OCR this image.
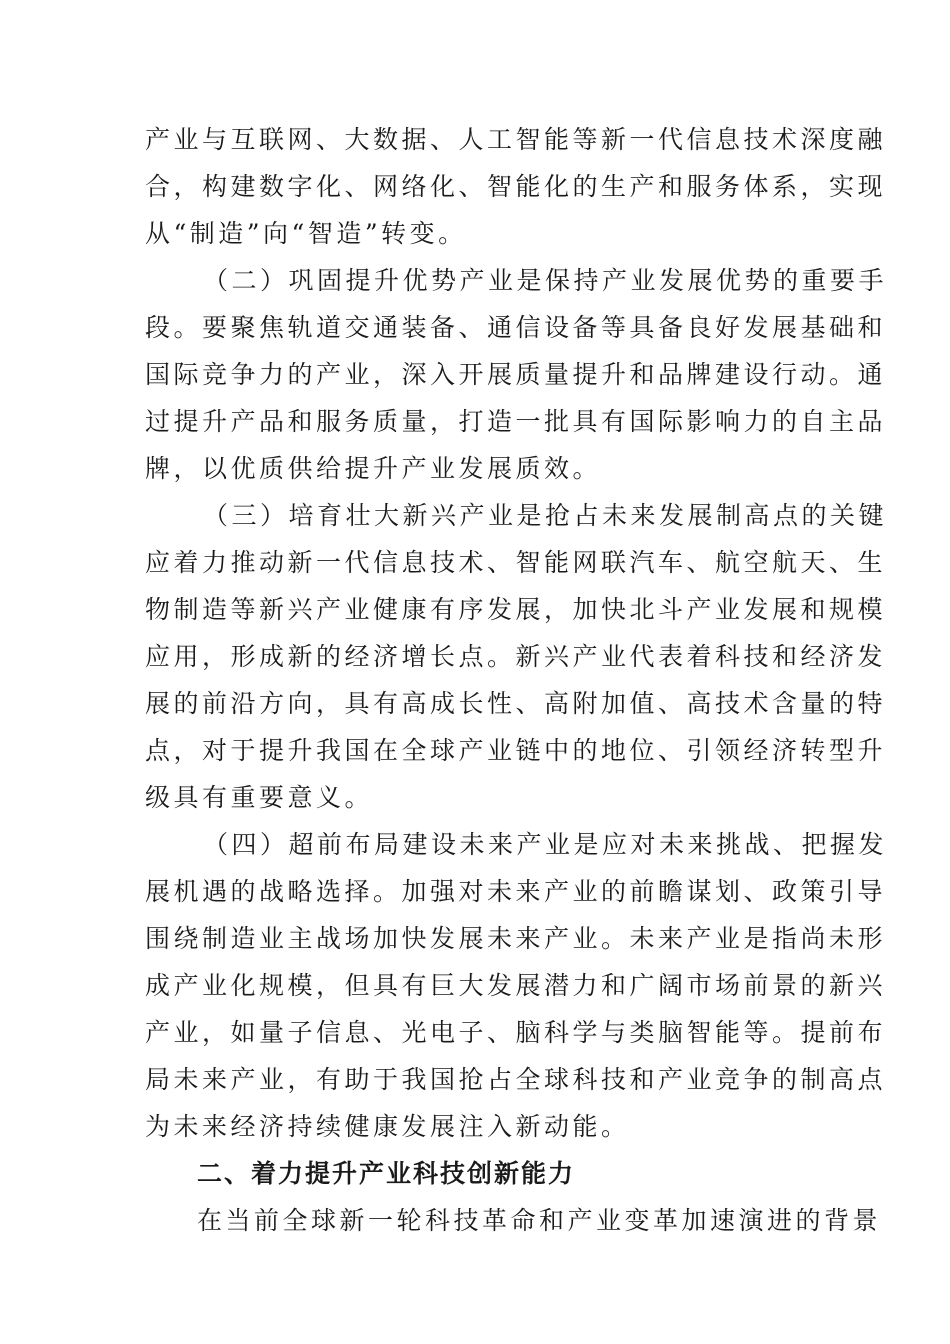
产业与互联网、大数据、人工智能等新一代信息技术深度融
合，构建数字化、网络化、智能化的生产和服务体系，实现
从“制造”向“智造”转变。
（二）巩固提升优势产业是保持产业发展优势的重要手
段。要聚焦轨道交通装备、通信设备等具备良好发展基础和
国际竞争力的产业，深入开展质量提升和品牌建设行动。通
过提升产品和服务质量，打造一批具有国际影响力的自主品
牌，以优质供给提升产业发展质效。
（三）培育壮大新兴产业是抢占未来发展制高点的关键
应着力推动新一代信息技术、智能网联汽车、航空航天、生
物制造等新兴产业健康有序发展，加快北斗产业发展和规模
应用，形成新的经济增长点。新兴产业代表着科技和经济发
展的前沿方向，具有高成长性、高附加值、高技术含量的特
点，对于提升我国在全球产业链中的地位、引领经济转型升
级具有重要意义。
（四）超前布局建设未来产业是应对未来挑战、把握发
展机遇的战略选择。加强对未来产业的前瞻谋划、政策引导
围绕制造业主战场加快发展未来产业。未来产业是指尚未形
成产业化规模，但具有巨大发展潜力和广阔市场前景的新兴
产业，如量子信息、光电子、脑科学与类脑智能等。提前布
局未来产业，有助于我国抢占全球科技和产业竞争的制高点
为未来经济持续健康发展注入新动能。
二、着力提升产业科技创新能力
在当前全球新一轮科技革命和产业变革加速演进的背景
